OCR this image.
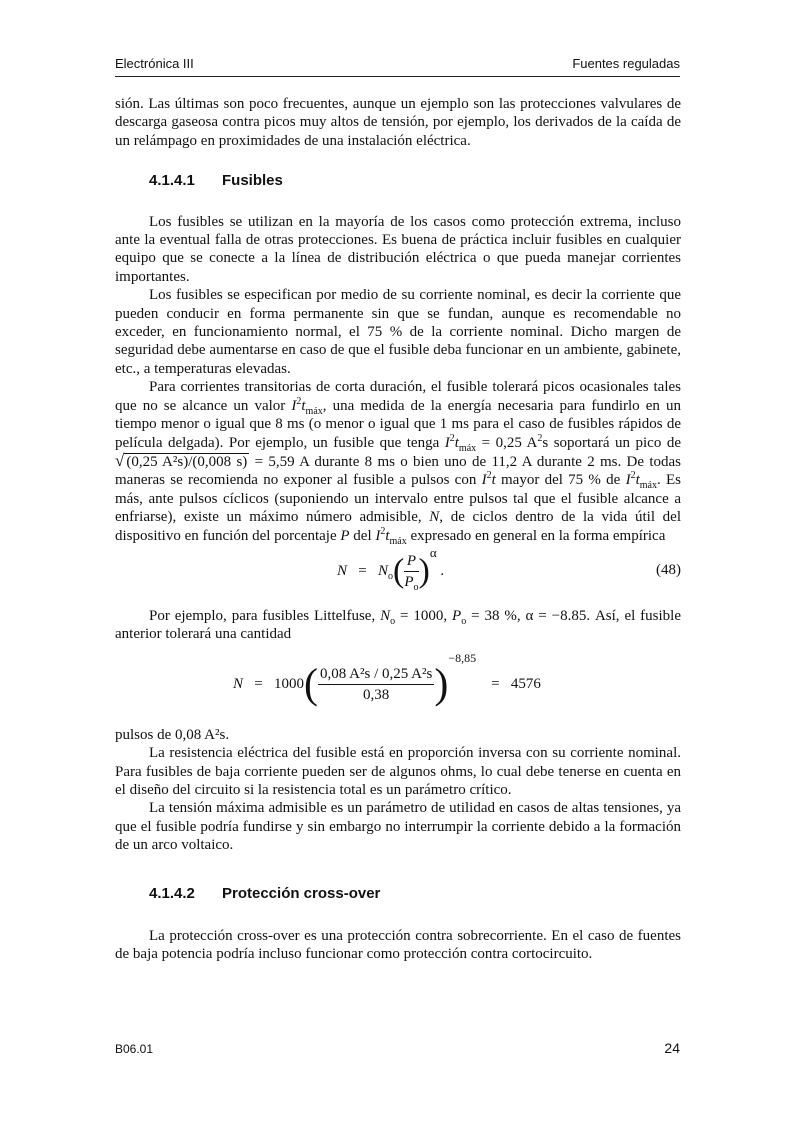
Electrónica III	Fuentes reguladas

sión. Las últimas son poco frecuentes, aunque un ejemplo son las protecciones valvulares de descarga gaseosa contra picos muy altos de tensión, por ejemplo, los derivados de la caída de un relámpago en proximidades de una instalación eléctrica.

4.1.4.1 Fusibles

Los fusibles se utilizan en la mayoría de los casos como protección extrema, incluso ante la eventual falla de otras protecciones. Es buena de práctica incluir fusibles en cualquier equipo que se conecte a la línea de distribución eléctrica o que pueda manejar corrientes importantes.

Los fusibles se especifican por medio de su corriente nominal, es decir la corriente que pueden conducir en forma permanente sin que se fundan, aunque es recomendable no exceder, en funcionamiento normal, el 75 % de la corriente nominal. Dicho margen de seguridad debe aumentarse en caso de que el fusible deba funcionar en un ambiente, gabinete, etc., a temperaturas elevadas.

Para corrientes transitorias de corta duración, el fusible tolerará picos ocasionales tales que no se alcance un valor $I^2t_{máx}$, una medida de la energía necesaria para fundirlo en un tiempo menor o igual que 8 ms (o menor o igual que 1 ms para el caso de fusibles rápidos de película delgada). Por ejemplo, un fusible que tenga $I^2t_{máx} = 0,25$ $A^2s$ soportará un pico de √ (0,25 A²s)/(0,008 s) = 5,59 A durante 8 ms o bien uno de 11,2 A durante 2 ms. De todas maneras se recomienda no exponer al fusible a pulsos con $I^2t$ mayor del 75 % de $I^2t_{máx}$. Es más, ante pulsos cíclicos (suponiendo un intervalo entre pulsos tal que el fusible alcance a enfriarse), existe un máximo número admisible, N, de ciclos dentro de la vida útil del dispositivo en función del porcentaje P del $I^2t_{máx}$ expresado en general en la forma empírica

$N = N_o( \frac{P}{P_o} )^\alpha$ .	(48)

Por ejemplo, para fusibles Littelfuse, $N_o = 1000$, $P_o = 38$ %, α = −8.85. Así, el fusible anterior tolerará una cantidad

$N = 1000( \frac{\text{0,08 A²s / 0,25 A²s}}{0,38} )^{-8,85}$    = 4576

pulsos de 0,08 A²s.

La resistencia eléctrica del fusible está en proporción inversa con su corriente nominal. Para fusibles de baja corriente pueden ser de algunos ohms, lo cual debe tenerse en cuenta en el diseño del circuito si la resistencia total es un parámetro crítico.

La tensión máxima admisible es un parámetro de utilidad en casos de altas tensiones, ya que el fusible podría fundirse y sin embargo no interrumpir la corriente debido a la formación de un arco voltaico.

4.1.4.2 Protección cross-over

La protección cross-over es una protección contra sobrecorriente. En el caso de fuentes de baja potencia podría incluso funcionar como protección contra cortocircuito.

B06.01	24
